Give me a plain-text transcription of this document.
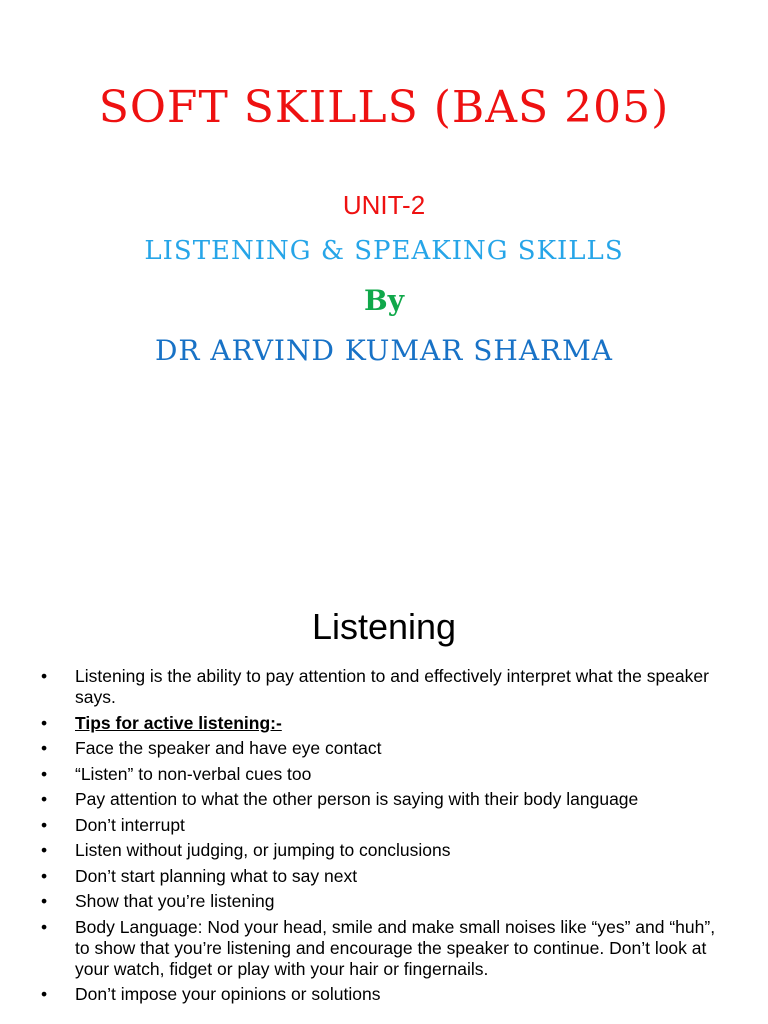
SOFT SKILLS (BAS 205)
UNIT-2
LISTENING & SPEAKING SKILLS
By
DR ARVIND KUMAR SHARMA
Listening
• Listening is the ability to pay attention to and effectively interpret what the speaker says.
• Tips for active listening:-
• Face the speaker and have eye contact
• “Listen” to non-verbal cues too
• Pay attention to what the other person is saying with their body language
• Don’t interrupt
• Listen without judging, or jumping to conclusions
• Don’t start planning what to say next
• Show that you’re listening
• Body Language: Nod your head, smile and make small noises like “yes” and “huh”, to show that you’re listening and encourage the speaker to continue. Don’t look at your watch, fidget or play with your hair or fingernails.
• Don’t impose your opinions or solutions
